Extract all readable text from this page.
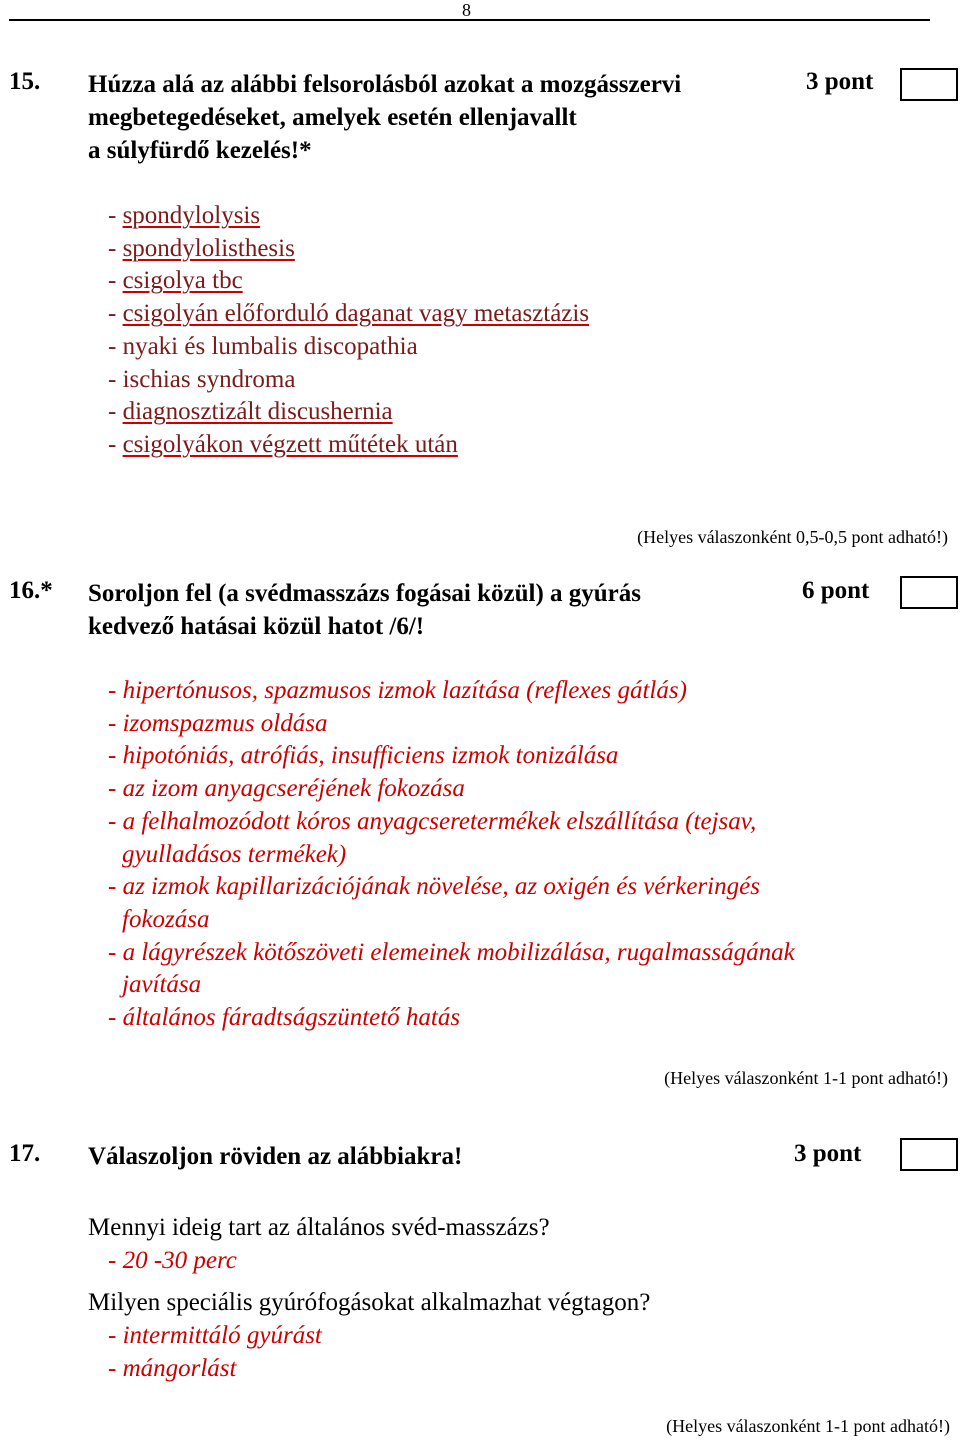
8
15. Húzza alá az alábbi felsorolásból azokat a mozgásszervi
megbetegedéseket, amelyek esetén ellenjavallt
a súlyfürdő kezelés!*
3 pont
- spondylolysis
- spondylolisthesis
- csigolya tbc
- csigolyán előforduló daganat vagy metasztázis
- nyaki és lumbalis discopathia
- ischias syndroma
- diagnosztizált discushernia
- csigolyákon végzett műtétek után
(Helyes válaszonként 0,5-0,5 pont adható!)
16.* Soroljon fel (a svédmasszázs fogásai közül) a gyúrás
kedvező hatásai közül hatot /6/!
6 pont
- hipertónusos, spazmusos izmok lazítása (reflexes gátlás)
- izomspazmus oldása
- hipotóniás, atrófiás, insufficiens izmok tonizálása
- az izom anyagcseréjének fokozása
- a felhalmozódott kóros anyagcseretermékek elszállítása (tejsav,
gyulladásos termékek)
- az izmok kapillarizációjának növelése, az oxigén és vérkeringés
fokozása
- a lágyrészek kötőszöveti elemeinek mobilizálása, rugalmasságának
javítása
- általános fáradtságszüntető hatás
(Helyes válaszonként 1-1 pont adható!)
17. Válaszoljon röviden az alábbiakra!	3 pont
Mennyi ideig tart az általános svéd-masszázs?
- 20 -30 perc
Milyen speciális gyúrófogásokat alkalmazhat végtagon?
- intermittáló gyúrást
- mángorlást
(Helyes válaszonként 1-1 pont adható!)
